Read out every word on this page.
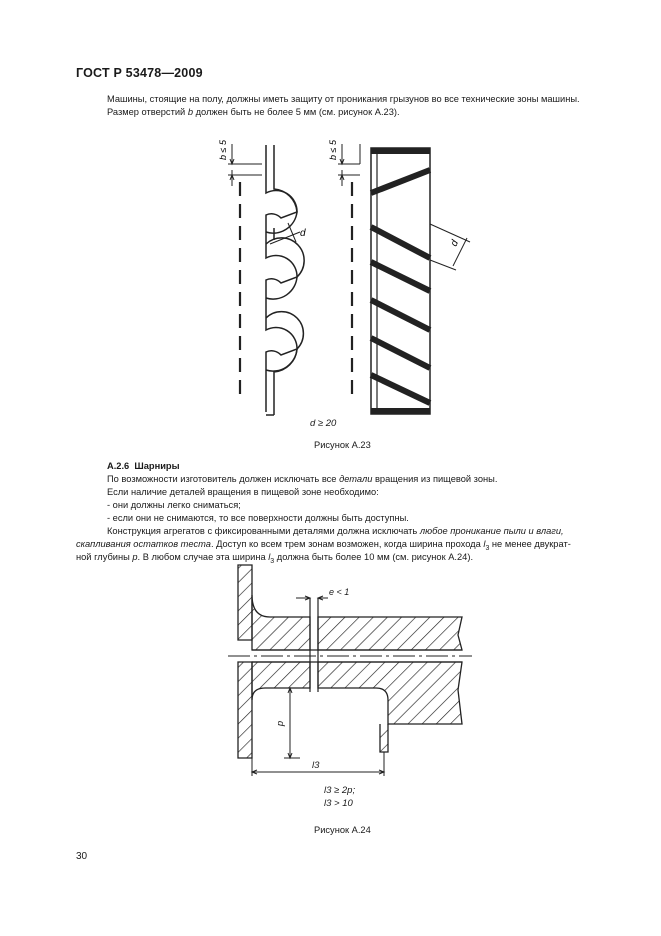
ГОСТ Р 53478—2009
Машины, стоящие на полу, должны иметь защиту от проникания грызунов во все технические зоны машины.
Размер отверстий b должен быть не более 5 мм (см. рисунок А.23).
b ≤ 5
d
b ≤ 5
d
d ≥ 20
Рисунок А.23
А.2.6 Шарниры
По возможности изготовитель должен исключать все детали вращения из пищевой зоны.
Если наличие деталей вращения в пищевой зоне необходимо:
- они должны легко сниматься;
- если они не снимаются, то все поверхности должны быть доступны.
Конструкция агрегатов с фиксированными деталями должна исключать любое проникание пыли и влаги,
скапливания остатков теста. Доступ ко всем трем зонам возможен, когда ширина прохода $l_3$ не менее двукрат-
ной глубины p. В любом случае эта ширина $l_3$ должна быть более 10 мм (см. рисунок А.24).
e < 1
p
l3
l3 ≥ 2p;
l3 > 10
Рисунок А.24
30
